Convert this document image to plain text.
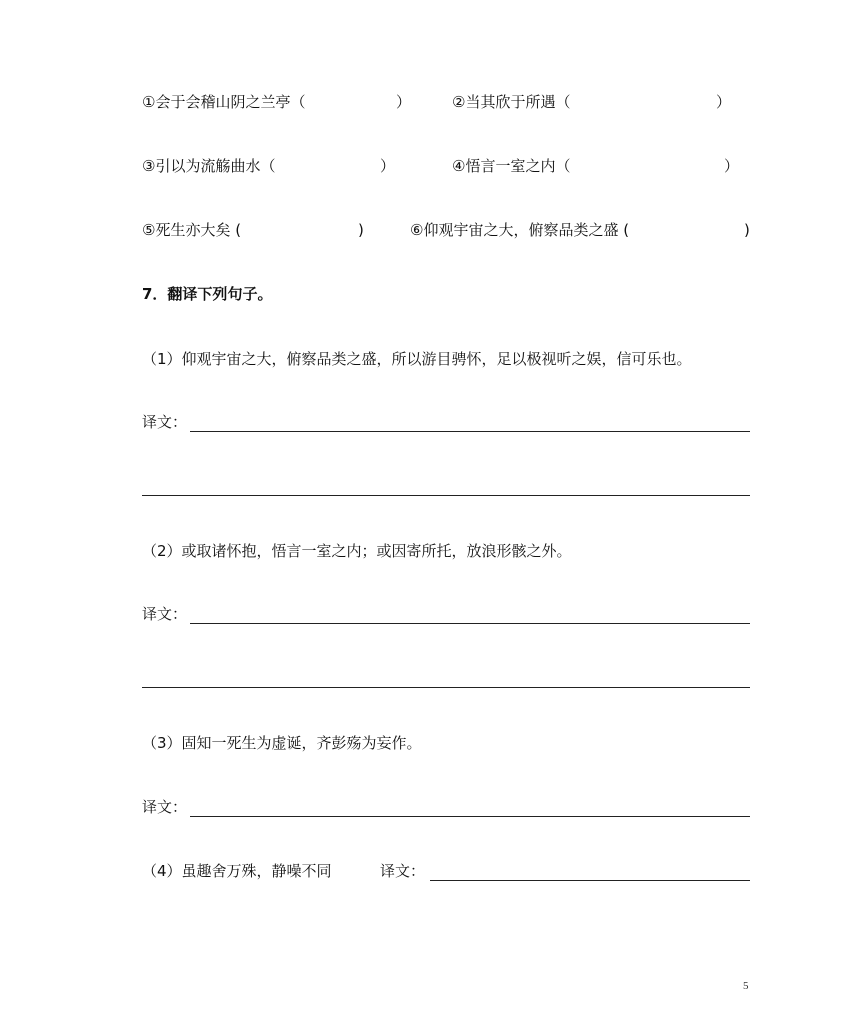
①会于会稽山阴之兰亭（	）	②当其欣于所遇（	）
③引以为流觞曲水（	）	④悟言一室之内（	）
⑤死生亦大矣 (	)	⑥仰观宇宙之大，俯察品类之盛 (	)
7．翻译下列句子。
（1）仰观宇宙之大，俯察品类之盛，所以游目骋怀，足以极视听之娱，信可乐也。
译文：
（2）或取诸怀抱，悟言一室之内；或因寄所托，放浪形骸之外。
译文：
（3）固知一死生为虚诞，齐彭殇为妄作。
译文：
（4）虽趣舍万殊，静噪不同	译文：
5
